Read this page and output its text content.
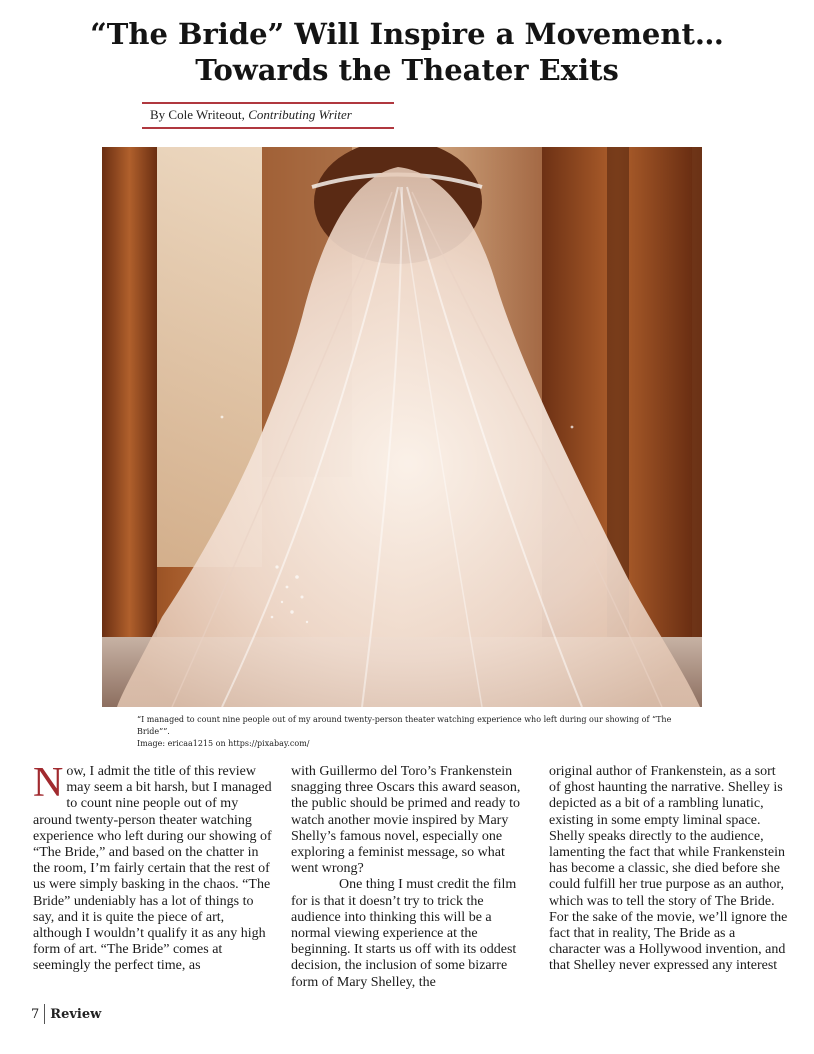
“The Bride” Will Inspire a Movement…
Towards the Theater Exits
By Cole Writeout, Contributing Writer

“I managed to count nine people out of my around twenty-person theater watching experience who left during our showing of “The Bride””.

Image: ericaa1215 on https://pixabay.com/

Now, I admit the title of this review may seem a bit harsh, but I managed to count nine people out of my around twenty-person theater watching experience who left during our showing of “The Bride,” and based on the chatter in the room, I’m fairly certain that the rest of us were simply basking in the chaos. “The Bride” undeniably has a lot of things to say, and it is quite the piece of art, although I wouldn’t qualify it as any high form of art. “The Bride” comes at seemingly the perfect time, as

with Guillermo del Toro’s Frankenstein snagging three Oscars this award season, the public should be primed and ready to watch another movie inspired by Mary Shelly’s famous novel, especially one exploring a feminist message, so what went wrong?

One thing I must credit the film for is that it doesn’t try to trick the audience into thinking this will be a normal viewing experience at the beginning. It starts us off with its oddest decision, the inclusion of some bizarre form of Mary Shelley, the

original author of Frankenstein, as a sort of ghost haunting the narrative. Shelley is depicted as a bit of a rambling lunatic, existing in some empty liminal space. Shelly speaks directly to the audience, lamenting the fact that while Frankenstein has become a classic, she died before she could fulfill her true purpose as an author, which was to tell the story of The Bride. For the sake of the movie, we’ll ignore the fact that in reality, The Bride as a character was a Hollywood invention, and that Shelley never expressed any interest

7 Review
